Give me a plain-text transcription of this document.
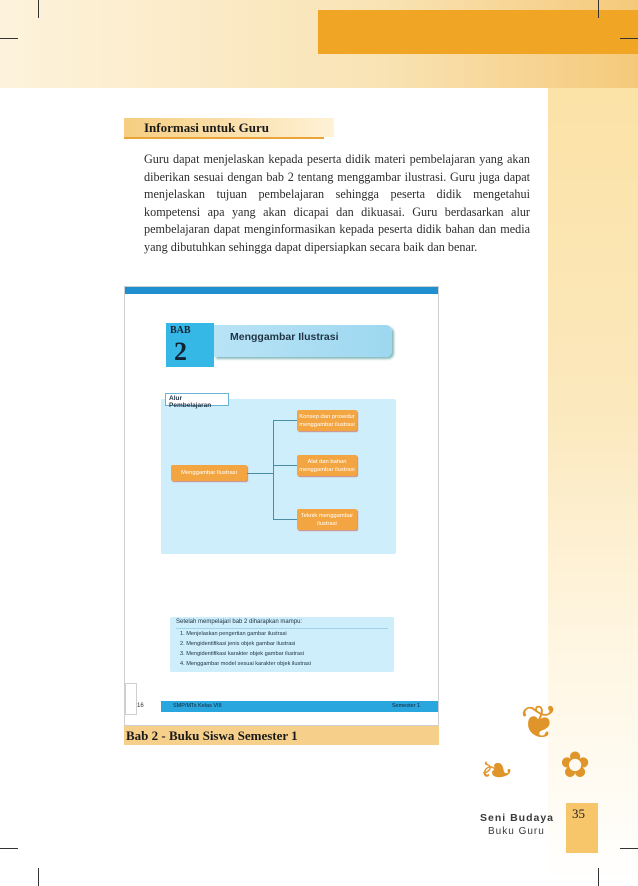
Informasi untuk Guru
Guru dapat menjelaskan kepada peserta didik materi pembelajaran yang akan diberikan sesuai dengan bab 2 tentang menggambar ilustrasi. Guru juga dapat menjelaskan tujuan pembelajaran sehingga peserta didik mengetahui kompetensi apa yang akan dicapai dan dikuasai. Guru berdasarkan alur pembelajaran dapat menginformasikan kepada peserta didik bahan dan media yang dibutuhkan sehingga dapat dipersiapkan secara baik dan benar.
Menggambar Ilustrasi
BAB
2
Menggambar Ilustrasi
Konsep dan prosedur menggambar ilustrasi
Alat dan bahan menggambar ilustrasi
Teknik menggambar ilustrasi
Alur Pembelajaran
Setelah mempelajari bab 2 diharapkan mampu:
1. Menjelaskan pengertian gambar ilustrasi
2. Mengidentifikasi jenis objek gambar ilustrasi
3. Mengidentifikasi karakter objek gambar ilustrasi
4. Menggambar model sesuai karakter objek ilustrasi
16	SMP/MTs Kelas VIII	Semester 1
Bab 2 - Buku Siswa Semester 1	❦
❧ ✿
Seni Budaya
Buku Guru
35
